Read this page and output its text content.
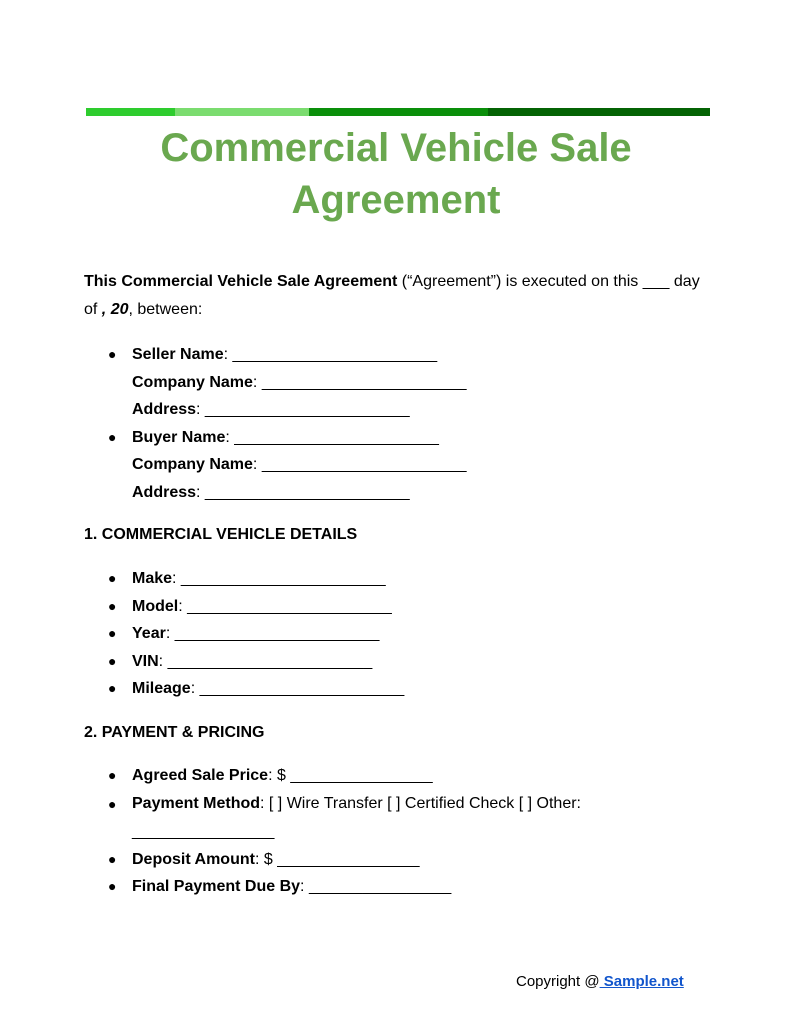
Commercial Vehicle Sale
Agreement

This Commercial Vehicle Sale Agreement (“Agreement”) is executed on this ___ day of , 20, between:

● Seller Name: _______________________
Company Name: _______________________
Address: _______________________
● Buyer Name: _______________________
Company Name: _______________________
Address: _______________________
1. COMMERCIAL VEHICLE DETAILS
● Make: _______________________
● Model: _______________________
● Year: _______________________
● VIN: _______________________
● Mileage: _______________________
2. PAYMENT & PRICING
● Agreed Sale Price: $ ________________
● Payment Method: [ ] Wire Transfer [ ] Certified Check [ ] Other: ________________
● Deposit Amount: $ ________________
● Final Payment Due By: ________________
Copyright @ Sample.net
